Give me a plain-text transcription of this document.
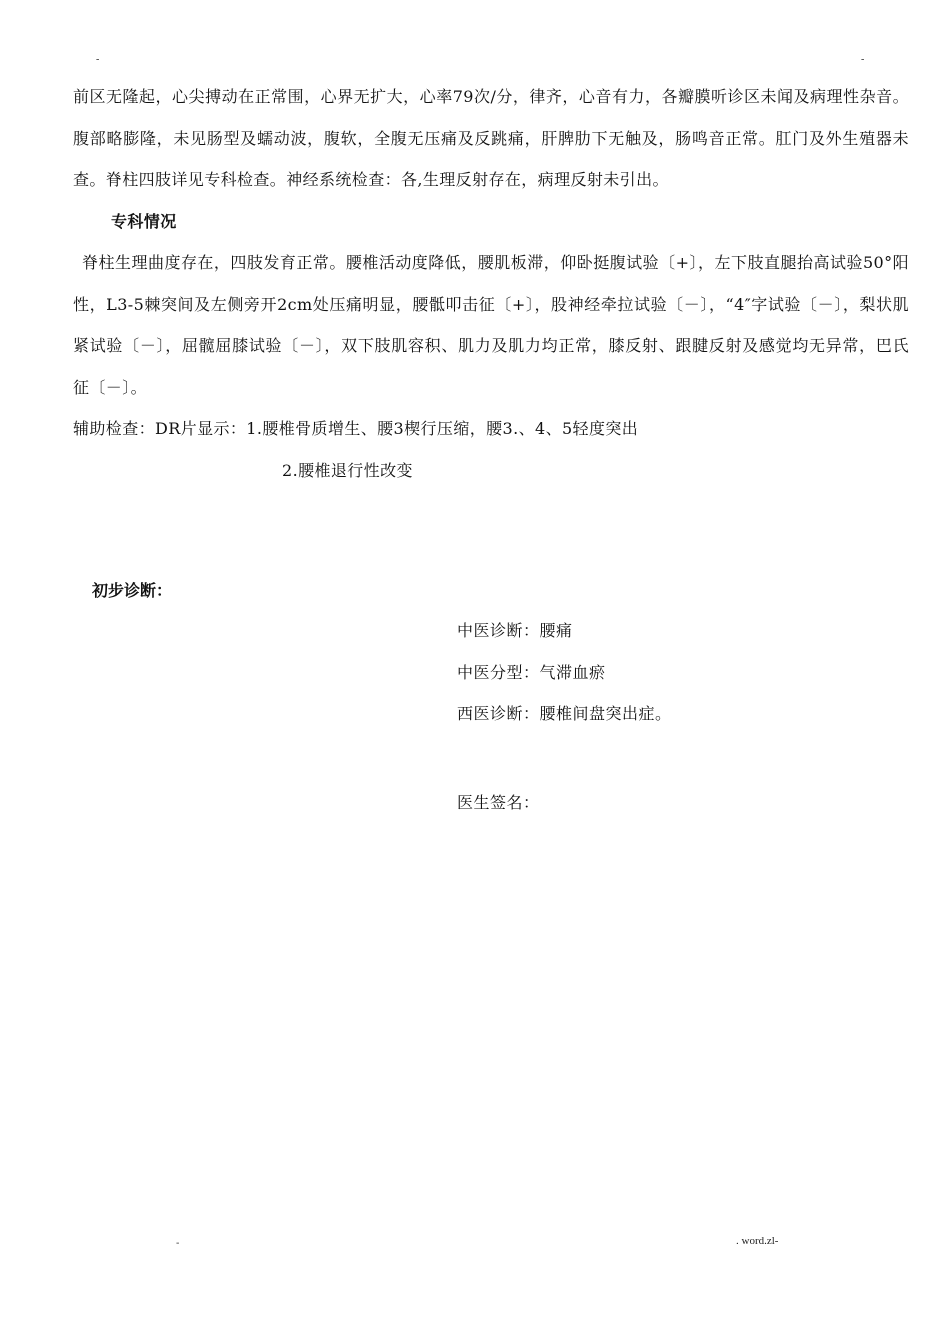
-	-

前区无隆起，心尖搏动在正常围，心界无扩大，心率79次/分，律齐，心音有力，各瓣膜听诊区未闻及病理性杂音。腹部略膨隆，未见肠型及蠕动波，腹软，全腹无压痛及反跳痛，肝脾肋下无触及，肠鸣音正常。肛门及外生殖器未查。脊柱四肢详见专科检查。神经系统检查：各,生理反射存在，病理反射未引出。

专科情况

脊柱生理曲度存在，四肢发育正常。腰椎活动度降低，腰肌板滞，仰卧挺腹试验〔+〕，左下肢直腿抬高试验50°阳性，L3-5棘突间及左侧旁开2cm处压痛明显，腰骶叩击征〔+〕，股神经牵拉试验〔－〕，“4″字试验〔－〕，梨状肌紧试验〔－〕，屈髋屈膝试验〔－〕，双下肢肌容积、肌力及肌力均正常，膝反射、跟腱反射及感觉均无异常，巴氏征〔－〕。

辅助检查：DR片显示：1.腰椎骨质增生、腰3楔行压缩，腰3.、4、5轻度突出

2.腰椎退行性改变

初步诊断：
中医诊断：腰痛
中医分型：气滞血瘀
西医诊断：腰椎间盘突出症。
医生签名：
-	. word.zl-
